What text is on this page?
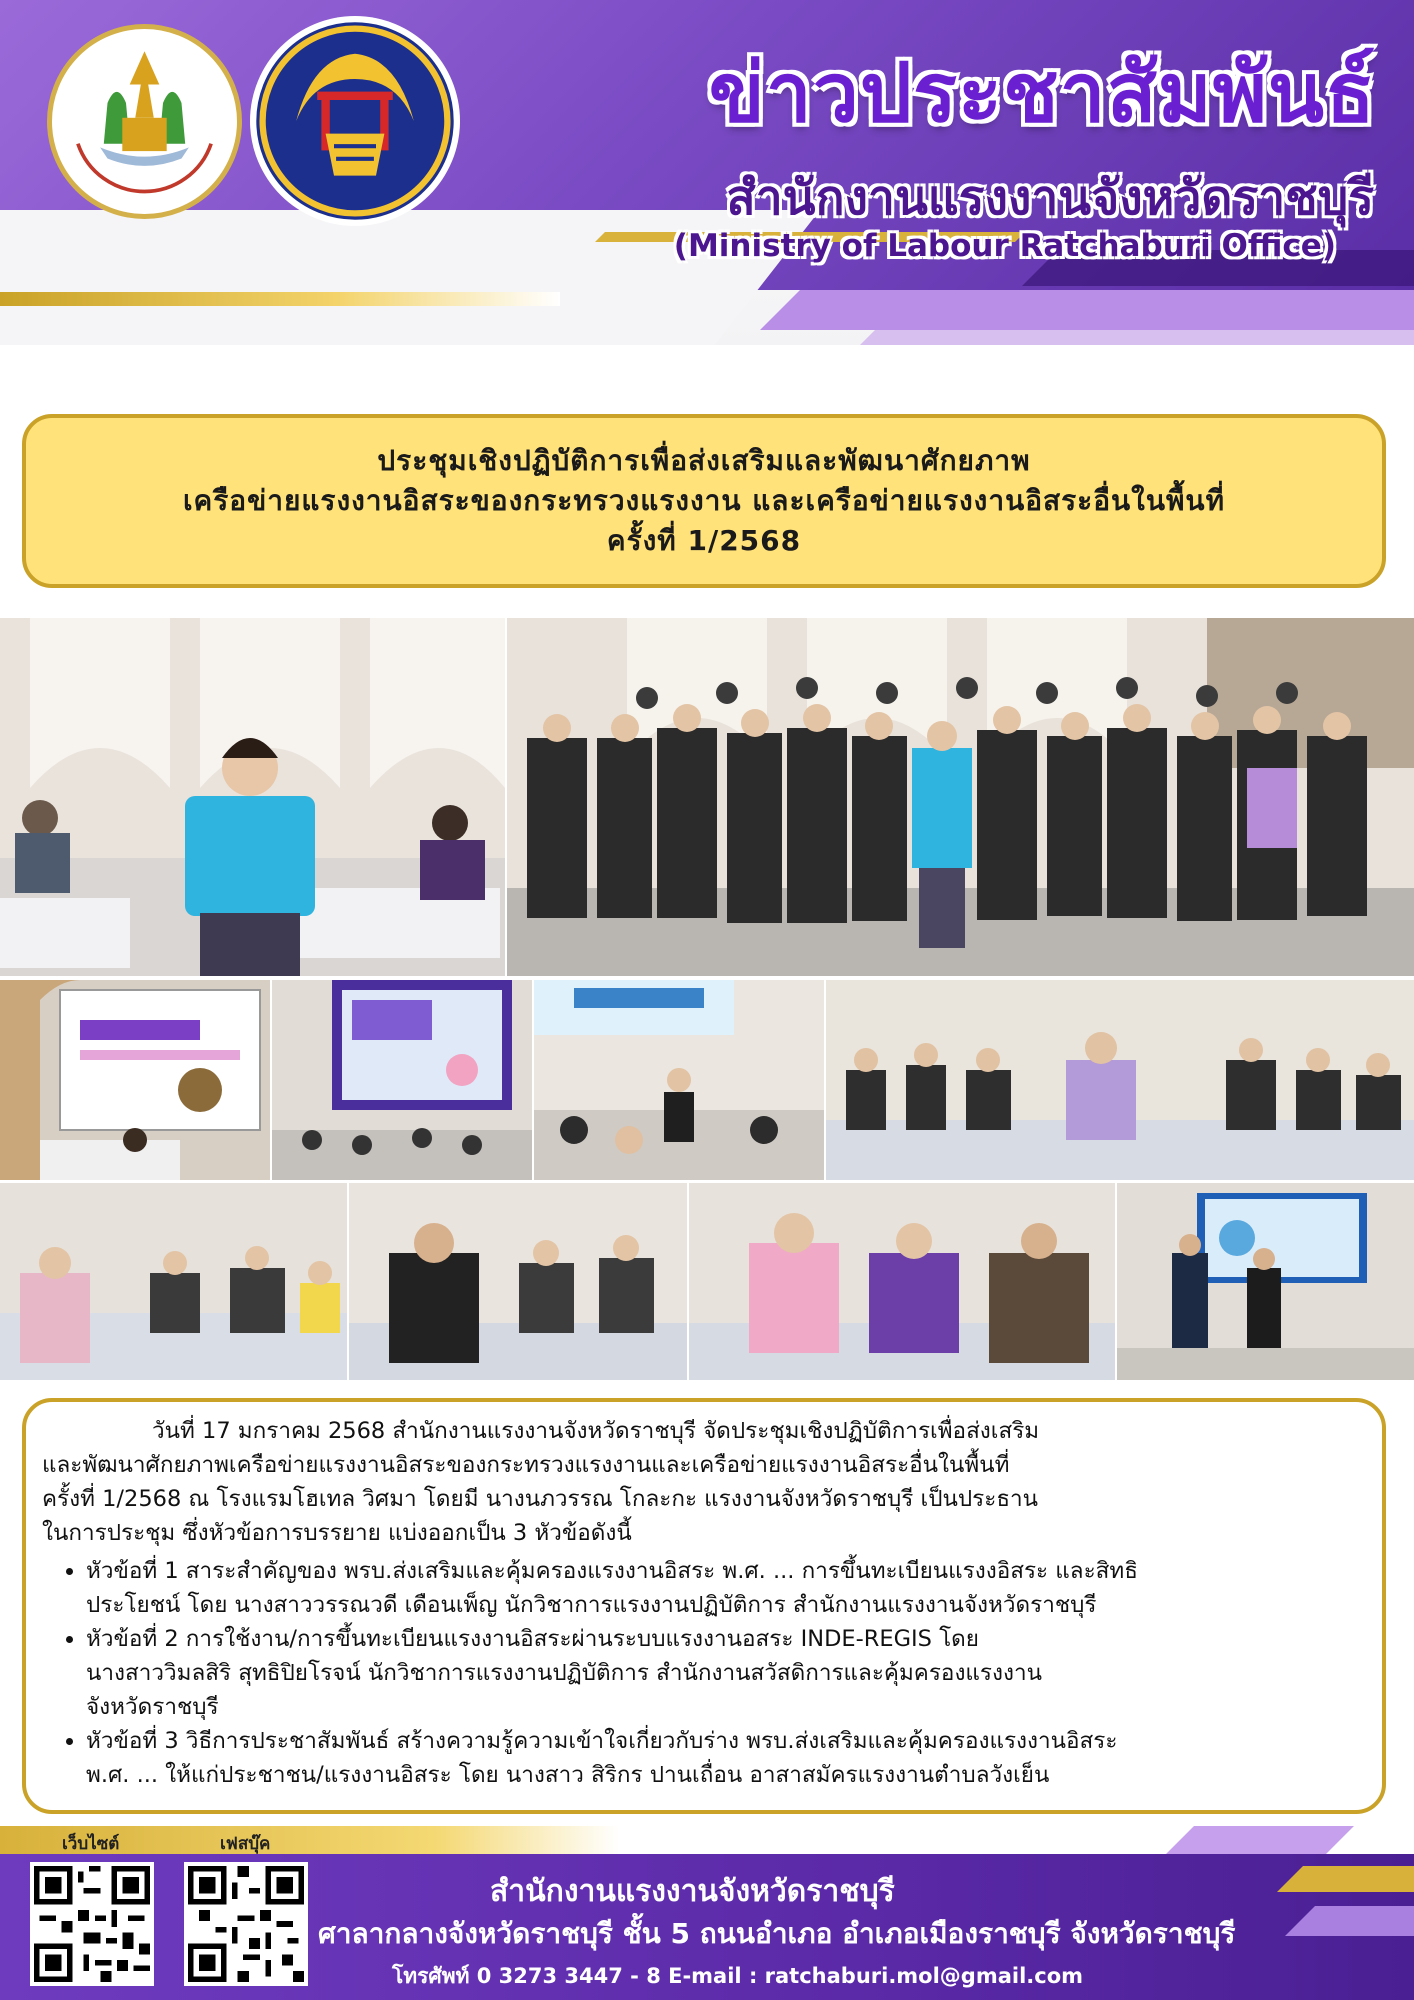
ข่าวประชาสัมพันธ์
สำนักงานแรงงานจังหวัดราชบุรี
(Ministry of Labour Ratchaburi Office)
ประชุมเชิงปฏิบัติการเพื่อส่งเสริมและพัฒนาศักยภาพ
เครือข่ายแรงงานอิสระของกระทรวงแรงงาน และเครือข่ายแรงงานอิสระอื่นในพื้นที่
ครั้งที่ 1/2568

วันที่ 17 มกราคม 2568 สำนักงานแรงงานจังหวัดราชบุรี จัดประชุมเชิงปฏิบัติการเพื่อส่งเสริม
และพัฒนาศักยภาพเครือข่ายแรงงานอิสระของกระทรวงแรงงานและเครือข่ายแรงงานอิสระอื่นในพื้นที่
ครั้งที่ 1/2568 ณ โรงแรมโฮเทล วิศมา โดยมี นางนภวรรณ โกละกะ แรงงานจังหวัดราชบุรี เป็นประธาน
ในการประชุม ซึ่งหัวข้อการบรรยาย แบ่งออกเป็น 3 หัวข้อดังนี้

• หัวข้อที่ 1 สาระสำคัญของ พรบ.ส่งเสริมและคุ้มครองแรงงานอิสระ พ.ศ. ... การขึ้นทะเบียนแรงงอิสระ และสิทธิ
ประโยชน์ โดย นางสาววรรณวดี เดือนเพ็ญ นักวิชาการแรงงานปฏิบัติการ สำนักงานแรงงานจังหวัดราชบุรี
• หัวข้อที่ 2 การใช้งาน/การขึ้นทะเบียนแรงงานอิสระผ่านระบบแรงงานอสระ INDE-REGIS โดย
นางสาววิมลสิริ สุทธิปิยโรจน์ นักวิชาการแรงงานปฏิบัติการ สำนักงานสวัสดิการและคุ้มครองแรงงาน
จังหวัดราชบุรี
• หัวข้อที่ 3 วิธีการประชาสัมพันธ์ สร้างความรู้ความเข้าใจเกี่ยวกับร่าง พรบ.ส่งเสริมและคุ้มครองแรงงานอิสระ
พ.ศ. ... ให้แก่ประชาชน/แรงงานอิสระ โดย นางสาว สิริกร ปานเถื่อน อาสาสมัครแรงงานตำบลวังเย็น
เว็บไซต์	เฟสบุ๊ค
สำนักงานแรงงานจังหวัดราชบุรี
ศาลากลางจังหวัดราชบุรี ชั้น 5 ถนนอำเภอ อำเภอเมืองราชบุรี จังหวัดราชบุรี
โทรศัพท์ 0 3273 3447 - 8 E-mail : ratchaburi.mol@gmail.com
